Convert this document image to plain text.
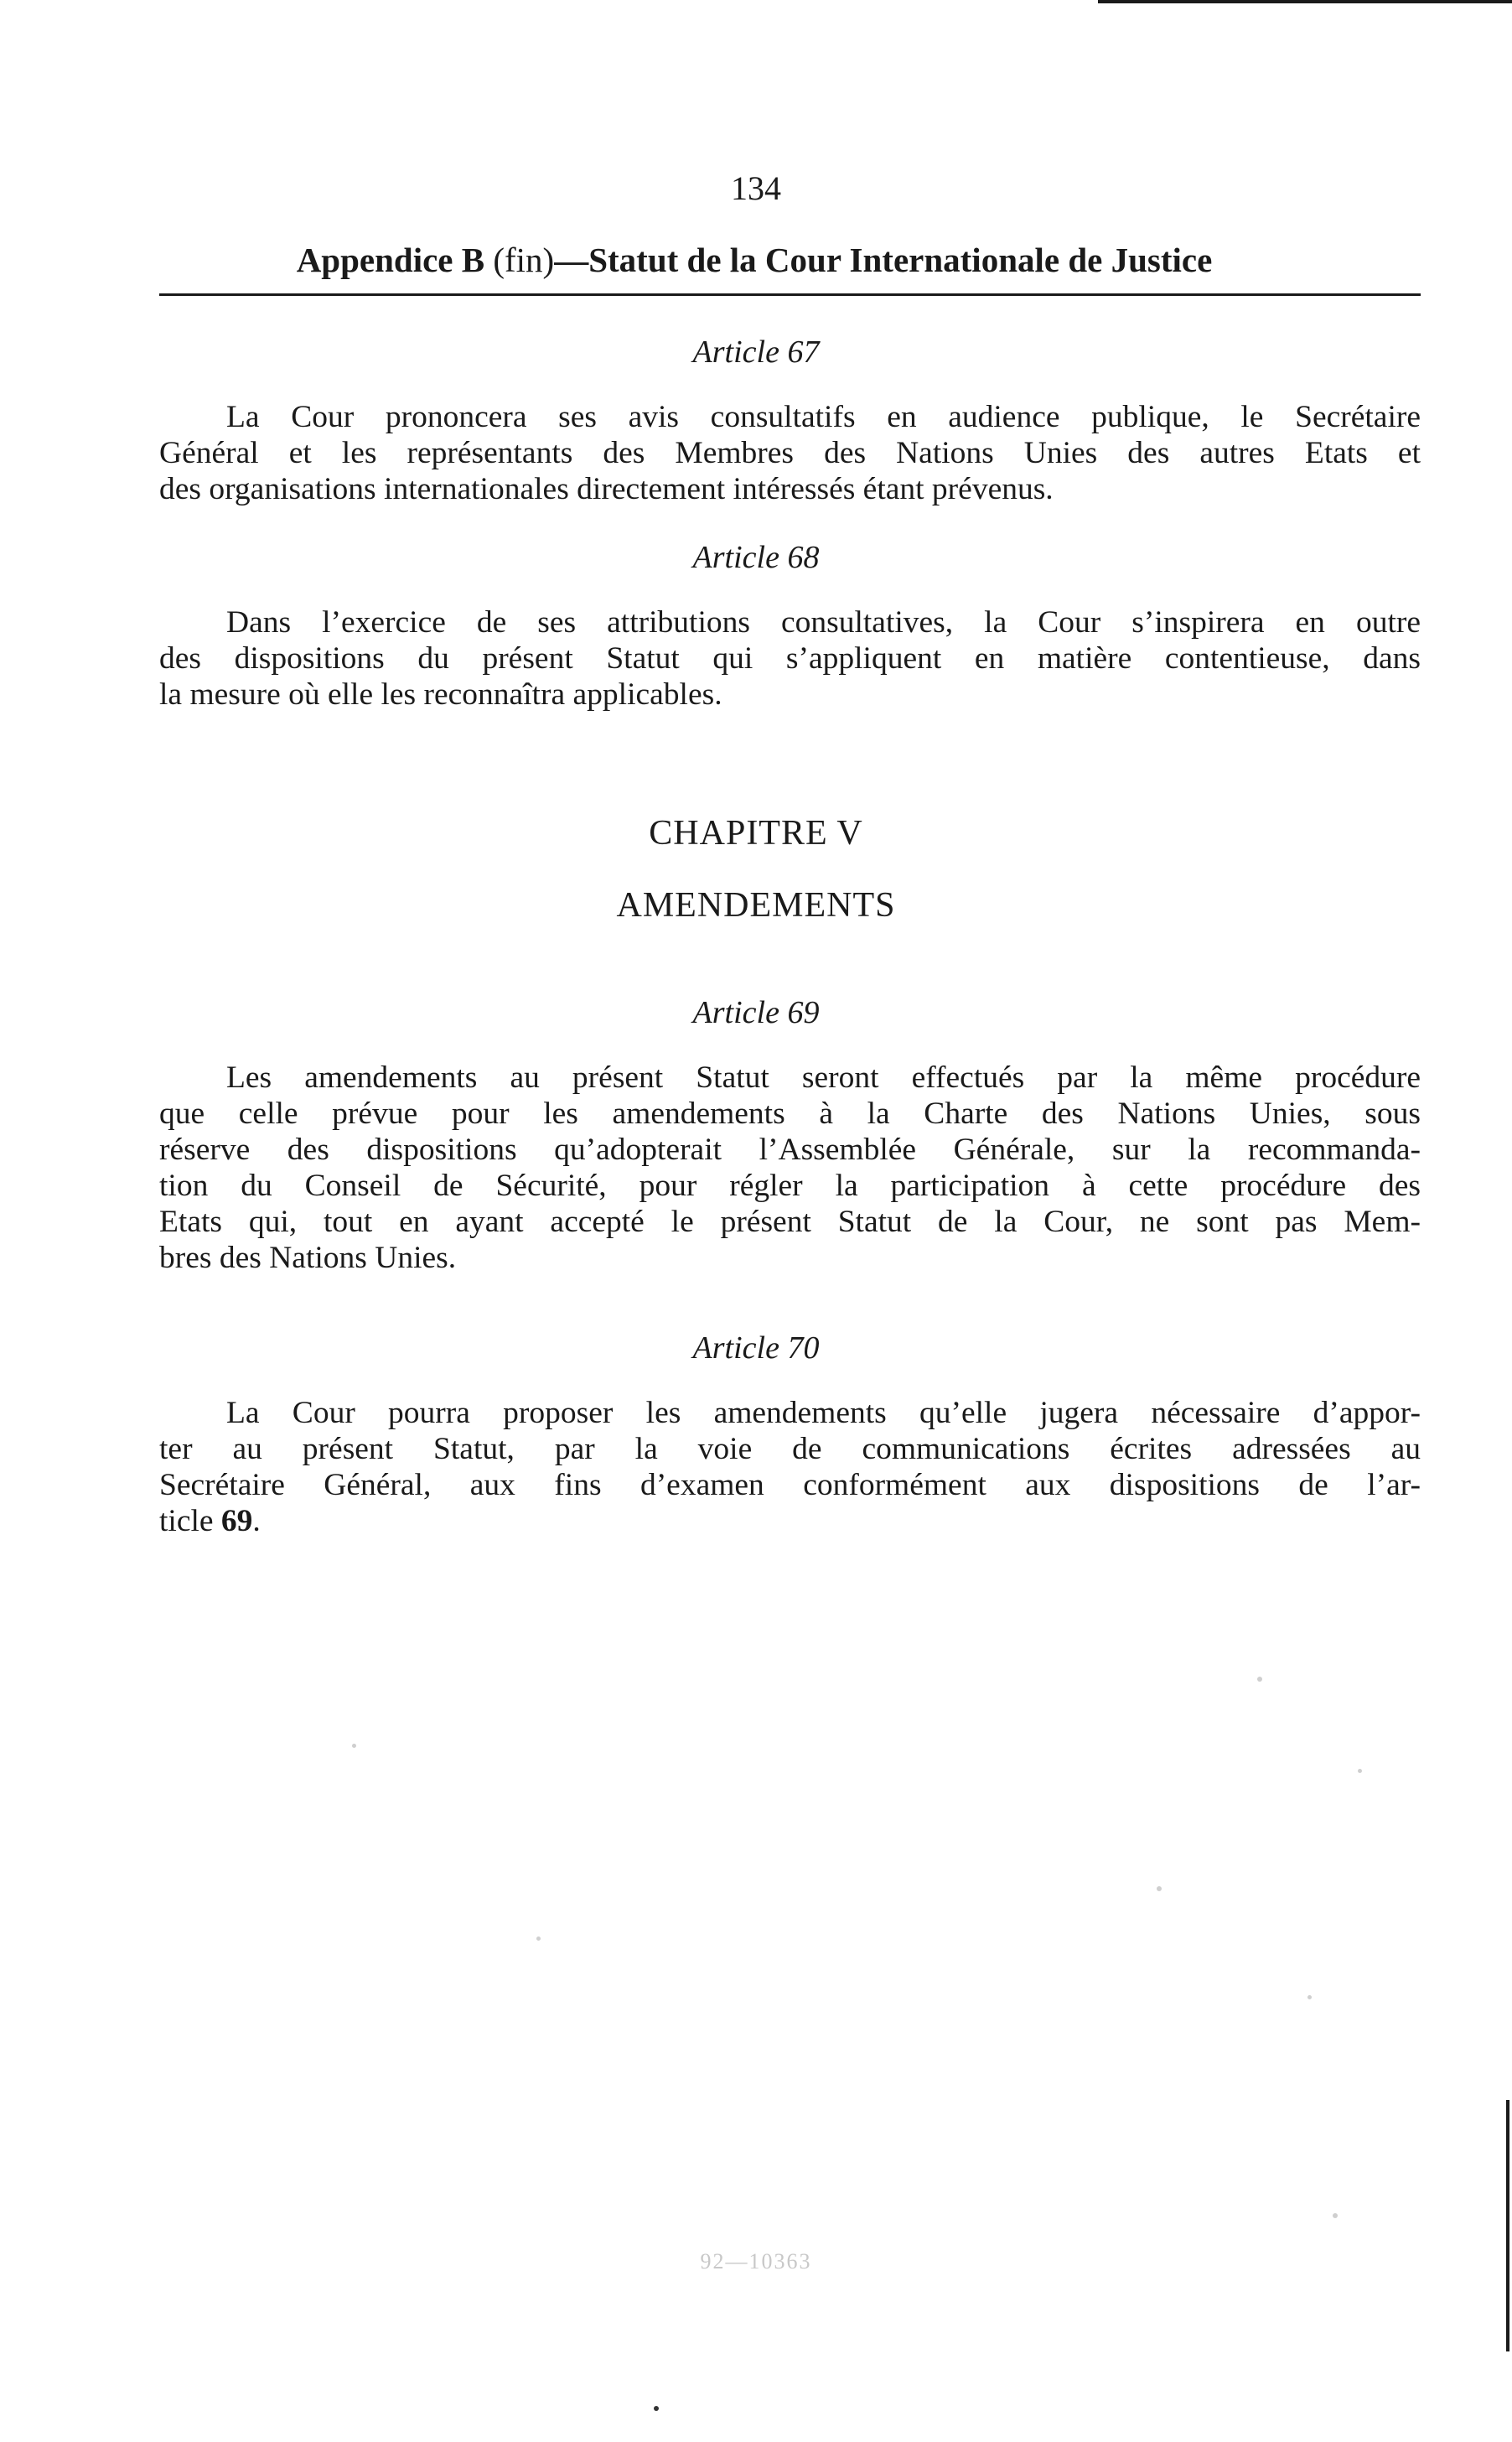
134
Appendice B (fin)—Statut de la Cour Internationale de Justice
Article 67
La Cour prononcera ses avis consultatifs en audience publique, le Secrétaire
Général et les représentants des Membres des Nations Unies des autres Etats et
des organisations internationales directement intéressés étant prévenus.
Article 68
Dans l’exercice de ses attributions consultatives, la Cour s’inspirera en outre
des dispositions du présent Statut qui s’appliquent en matière contentieuse, dans
la mesure où elle les reconnaîtra applicables.
CHAPITRE V
AMENDEMENTS
Article 69
Les amendements au présent Statut seront effectués par la même procédure
que celle prévue pour les amendements à la Charte des Nations Unies, sous
réserve des dispositions qu’adopterait l’Assemblée Générale, sur la recommanda-
tion du Conseil de Sécurité, pour régler la participation à cette procédure des
Etats qui, tout en ayant accepté le présent Statut de la Cour, ne sont pas Mem-
bres des Nations Unies.
Article 70
La Cour pourra proposer les amendements qu’elle jugera nécessaire d’appor-
ter au présent Statut, par la voie de communications écrites adressées au
Secrétaire Général, aux fins d’examen conformément aux dispositions de l’ar-
ticle 69.
92—10363
